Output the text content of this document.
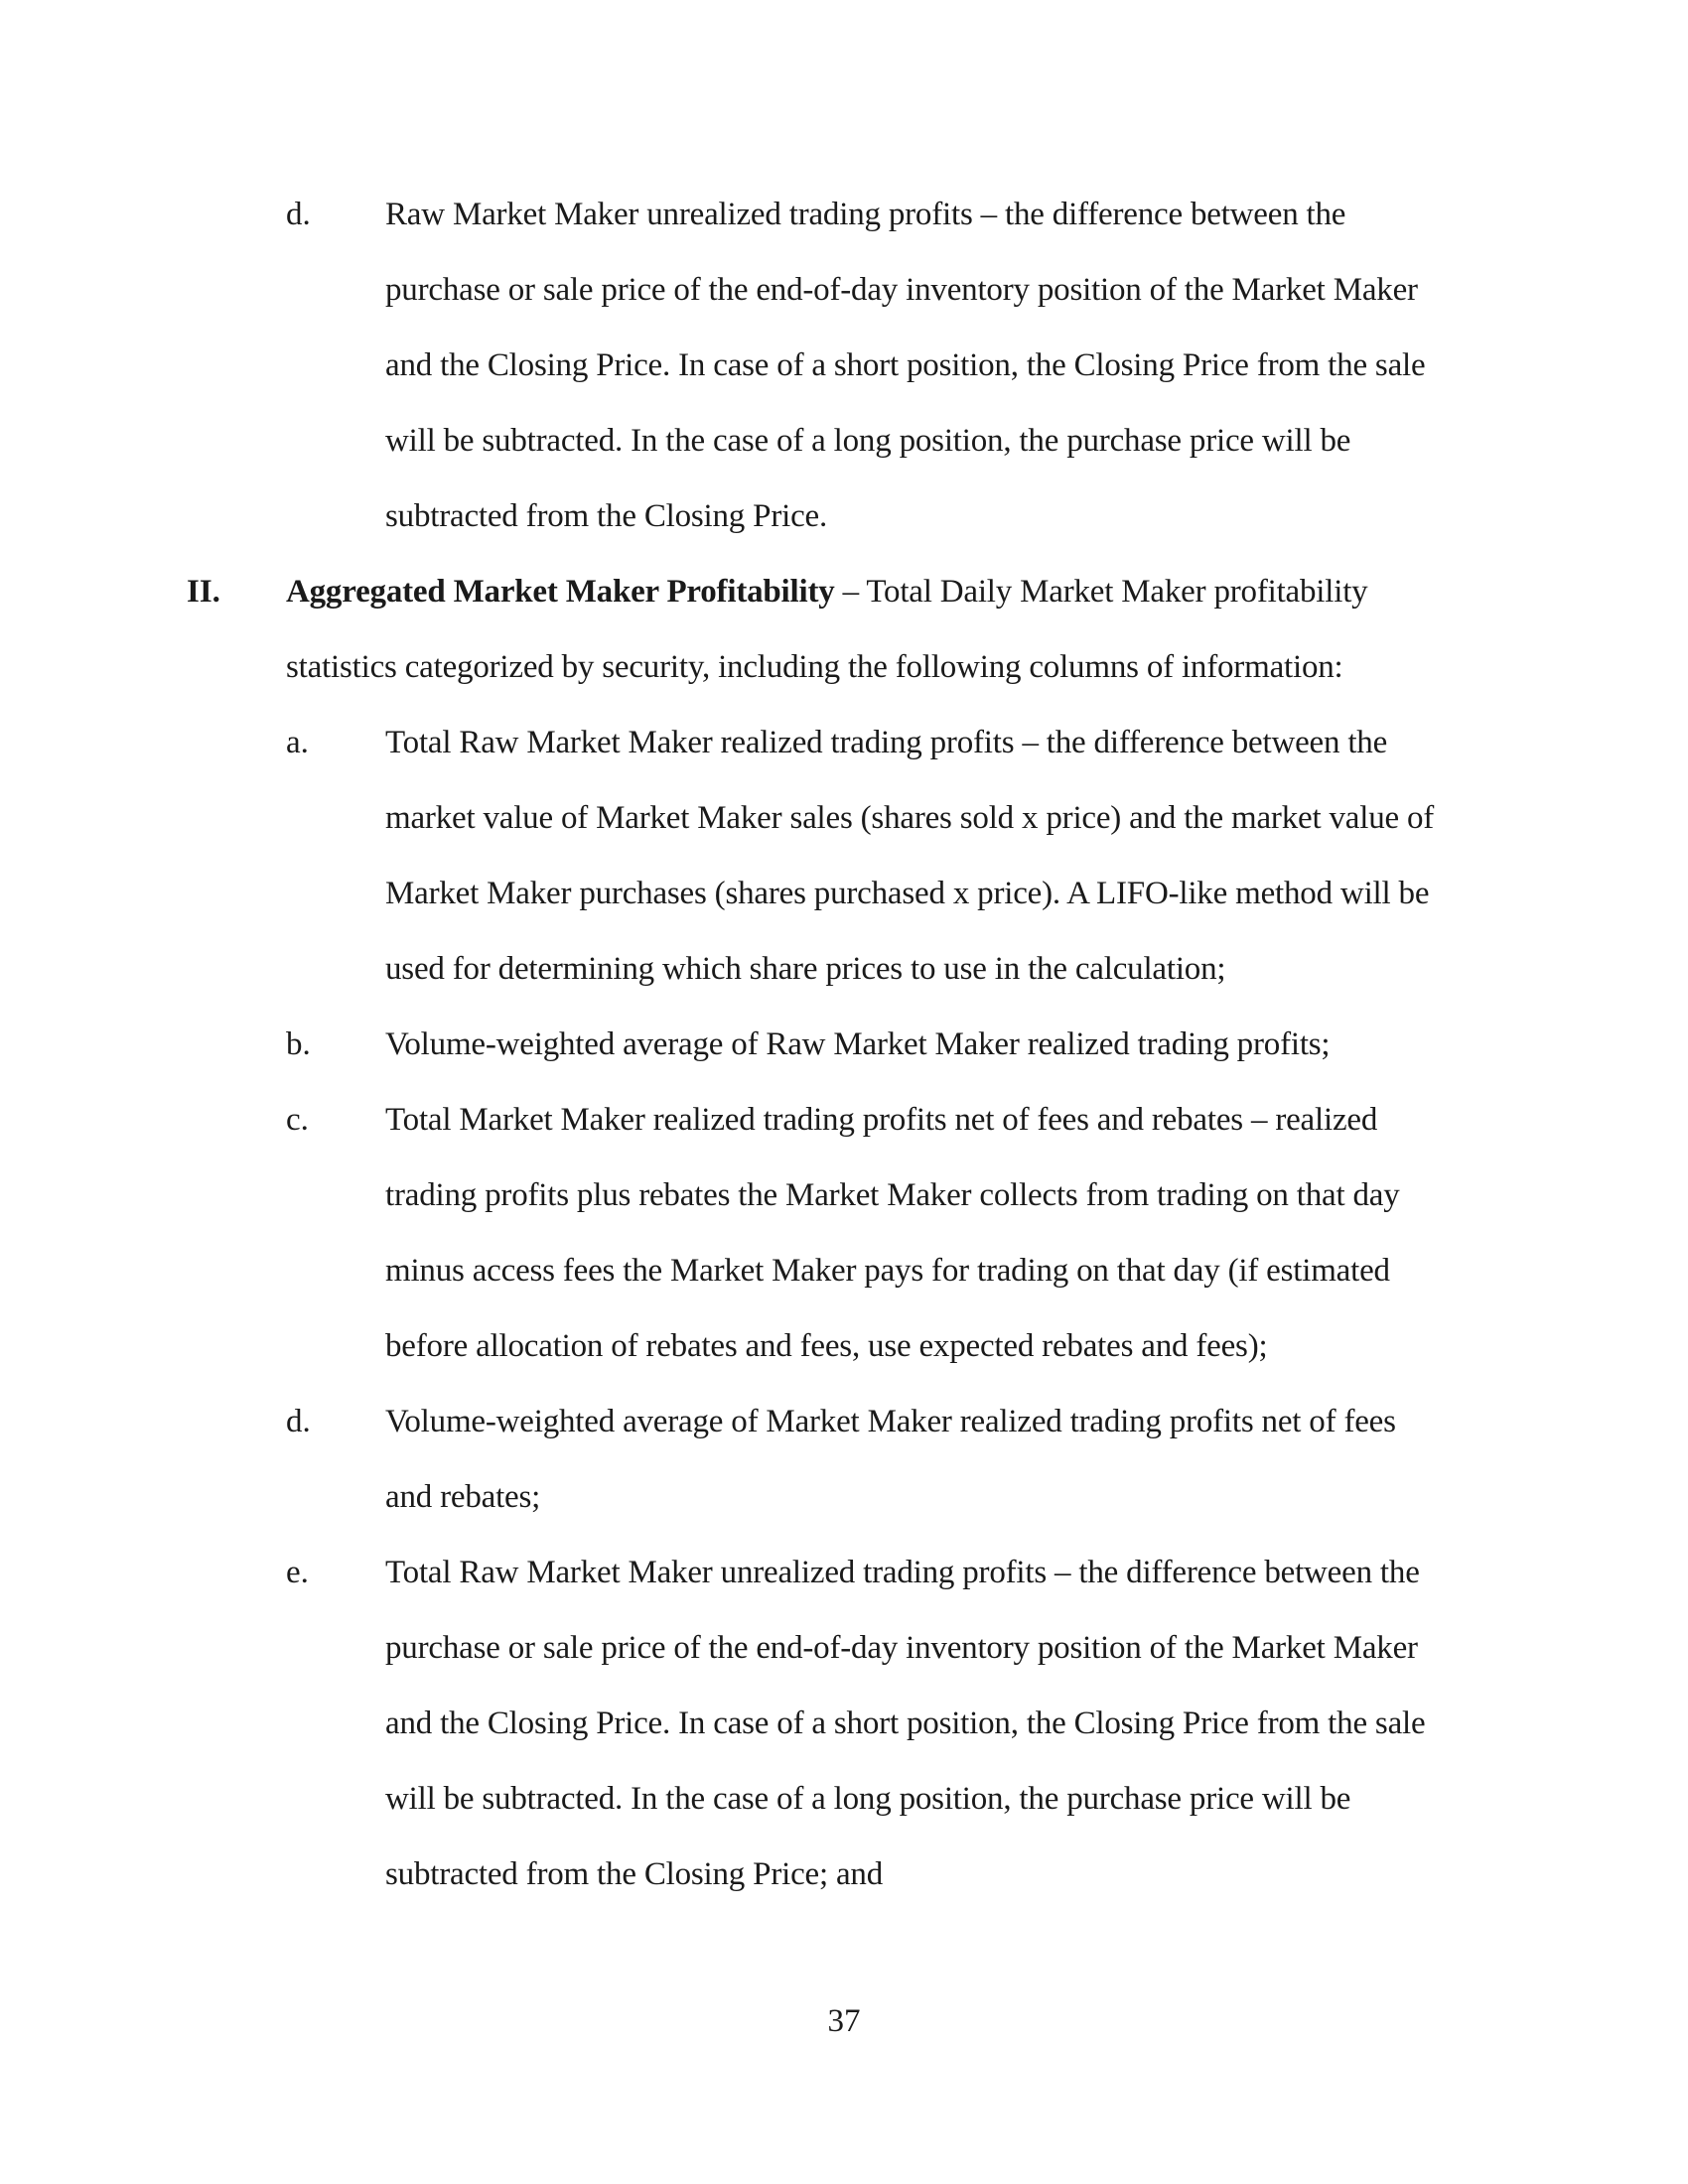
d. Raw Market Maker unrealized trading profits – the difference between the
purchase or sale price of the end-of-day inventory position of the Market Maker
and the Closing Price. In case of a short position, the Closing Price from the sale
will be subtracted. In the case of a long position, the purchase price will be
subtracted from the Closing Price.
II. Aggregated Market Maker Profitability – Total Daily Market Maker profitability
statistics categorized by security, including the following columns of information:
a. Total Raw Market Maker realized trading profits – the difference between the
market value of Market Maker sales (shares sold x price) and the market value of
Market Maker purchases (shares purchased x price). A LIFO-like method will be
used for determining which share prices to use in the calculation;
b. Volume-weighted average of Raw Market Maker realized trading profits;
c. Total Market Maker realized trading profits net of fees and rebates – realized
trading profits plus rebates the Market Maker collects from trading on that day
minus access fees the Market Maker pays for trading on that day (if estimated
before allocation of rebates and fees, use expected rebates and fees);
d. Volume-weighted average of Market Maker realized trading profits net of fees
and rebates;
e. Total Raw Market Maker unrealized trading profits – the difference between the
purchase or sale price of the end-of-day inventory position of the Market Maker
and the Closing Price. In case of a short position, the Closing Price from the sale
will be subtracted. In the case of a long position, the purchase price will be
subtracted from the Closing Price; and
37
